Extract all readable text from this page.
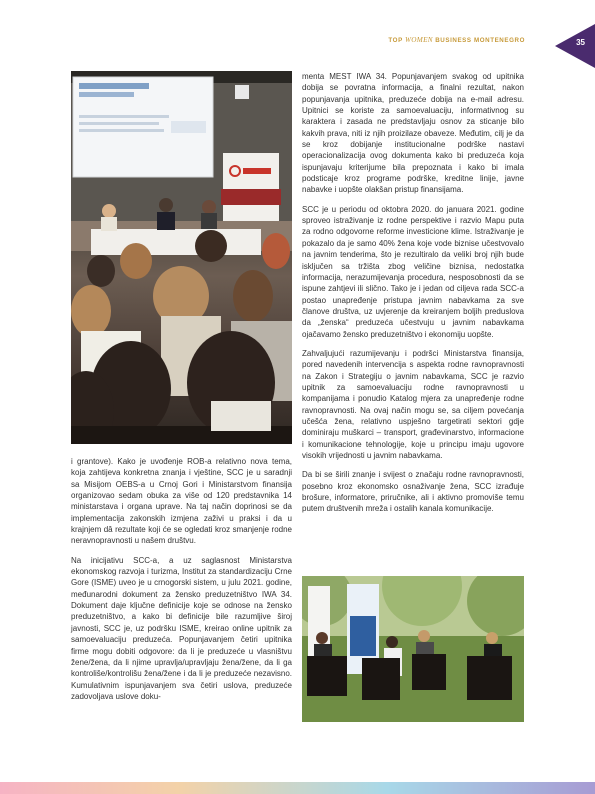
TOP WOMEN BUSINESS MONTENEGRO	35

i grantove). Kako je uvođenje ROB-a relativno nova tema, koja zahtijeva konkretna znanja i vještine, SCC je u saradnji sa Misijom OEBS-a u Crnoj Gori i Ministarstvom finansija organizovao sedam obuka za više od 120 predstavnika 14 ministarstava i organa uprave. Na taj način doprinosi se da implementacija zakonskih izmjena zaživi u praksi i da u krajnjem dâ rezultate koji će se ogledati kroz smanjenje rodne neravnopravnosti u našem društvu.

Na inicijativu SCC-a, a uz saglasnost Ministarstva ekonomskog razvoja i turizma, Institut za standardizaciju Crne Gore (ISME) uveo je u crnogorski sistem, u julu 2021. godine, međunarodni dokument za žensko preduzetništvo IWA 34. Dokument daje ključne definicije koje se odnose na žensko preduzetništvo, a kako bi definicije bile razumljive široj javnosti, SCC je, uz podršku ISME, kreirao online upitnik za samoevaluaciju preduzeća. Popunjavanjem četiri upitnika firme mogu dobiti odgovore: da li je preduzeće u vlasništvu žene/žena, da li njime upravlja/upravljaju žena/žene, da li ga kontroliše/kontrolišu žena/žene i da li je preduzeće nezavisno. Kumulativnim ispunjavanjem sva četiri uslova, preduzeće zadovoljava uslove doku-

menta MEST IWA 34. Popunjavanjem svakog od upitnika dobija se povratna informacija, a finalni rezultat, nakon popunjavanja upitnika, preduzeće dobija na e-mail adresu. Upitnici se koriste za samoevaluaciju, informativnog su karaktera i zasada ne predstavljaju osnov za sticanje bilo kakvih prava, niti iz njih proizilaze obaveze. Međutim, cilj je da se kroz dobijanje institucionalne podrške nastavi operacionalizacija ovog dokumenta kako bi preduzeća koja ispunjavaju kriterijume bila prepoznata i kako bi imala podsticaje kroz programe podrške, kreditne linije, javne nabavke i uopšte olakšan pristup finansijama.

SCC je u periodu od oktobra 2020. do januara 2021. godine sproveo istraživanje iz rodne perspektive i razvio Mapu puta za rodno odgovorne reforme investicione klime. Istraživanje je pokazalo da je samo 40% žena koje vode biznise učestvovalo na javnim tenderima, što je rezultiralo da veliki broj njih bude isključen sa tržišta zbog veličine biznisa, nedostatka informacija, nerazumijevanja procedura, nesposobnosti da se ispune zahtjevi ili slično. Tako je i jedan od ciljeva rada SCC-a postao unapređenje pristupa javnim nabavkama za sve članove društva, uz uvjerenje da kreiranjem boljih preduslova da „ženska“ preduzeća učestvuju u javnim nabavkama ojačavamo žensko preduzetništvo i ekonomiju uopšte.

Zahvaljujući razumijevanju i podršci Ministarstva finansija, pored navedenih intervencija s aspekta rodne ravnopravnosti na Zakon i Strategiju o javnim nabavkama, SCC je razvio upitnik za samoevaluaciju rodne ravnopravnosti u kompanijama i ponudio Katalog mjera za unapređenje rodne ravnopravnosti. Na ovaj način mogu se, sa ciljem povećanja učešća žena, relativno uspješno targetirati sektori gdje dominiraju muškarci – transport, građevinarstvo, informacione i komunikacione tehnologije, koje u principu imaju ugovore visokih vrijednosti u javnim nabavkama.

Da bi se širili znanje i svijest o značaju rodne ravnopravnosti, posebno kroz ekonomsko osnaživanje žena, SCC izrađuje brošure, informatore, priručnike, ali i aktivno promoviše temu putem društvenih mreža i ostalih kanala komunikacije.
